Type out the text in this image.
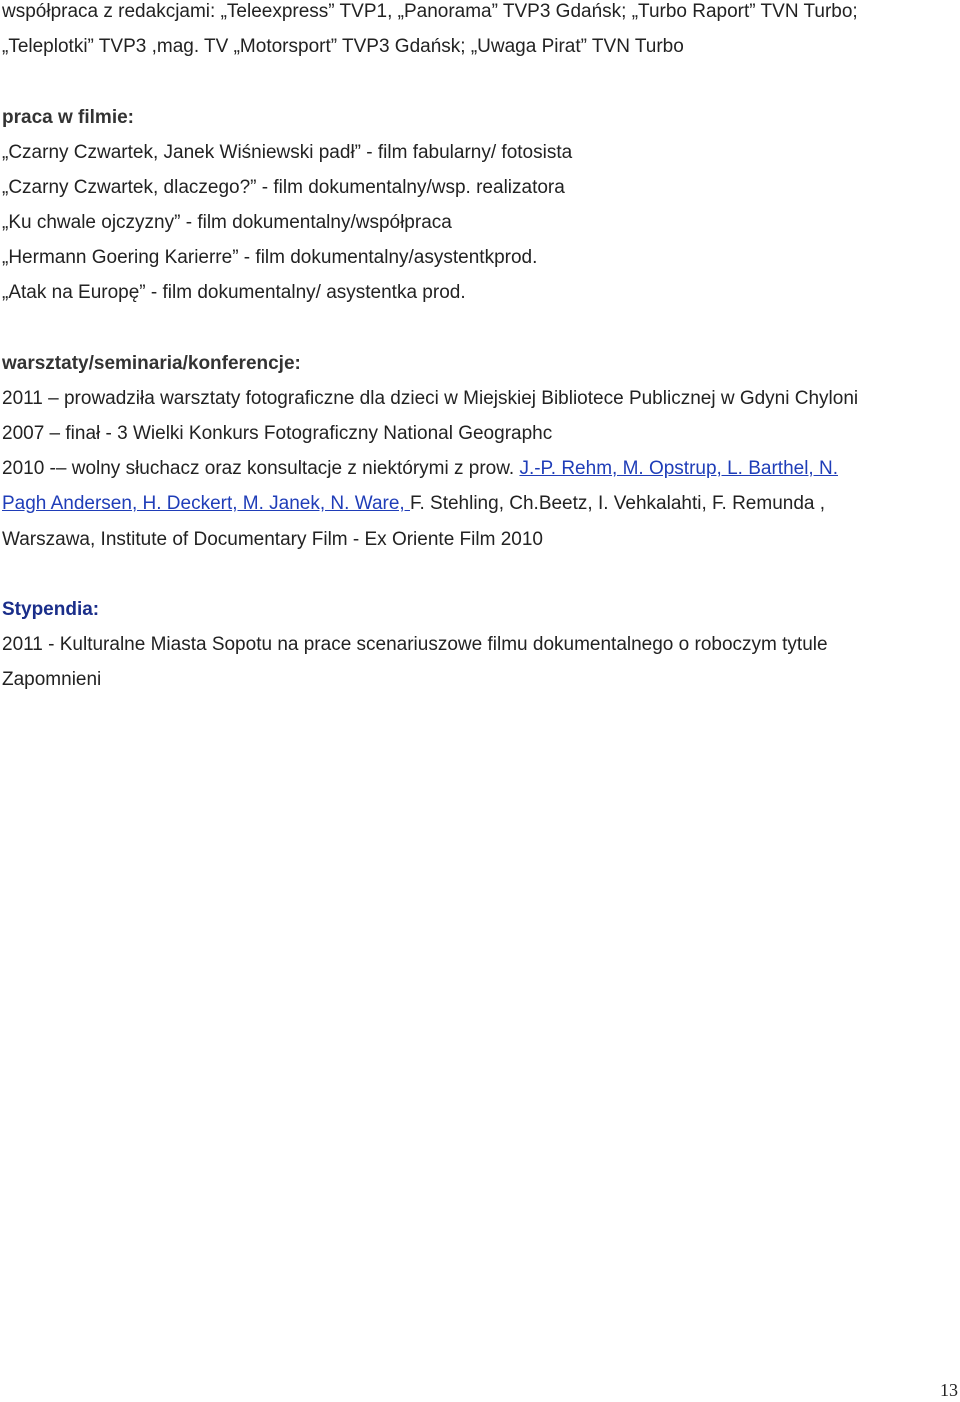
współpraca z redakcjami: „Teleexpress” TVP1, „Panorama” TVP3 Gdańsk; „Turbo Raport” TVN Turbo;
„Teleplotki” TVP3 ,mag. TV „Motorsport” TVP3 Gdańsk; „Uwaga Pirat” TVN Turbo
praca w filmie:
„Czarny Czwartek, Janek Wiśniewski padł” - film fabularny/ fotosista
„Czarny Czwartek, dlaczego?” - film dokumentalny/wsp. realizatora
„Ku chwale ojczyzny” - film dokumentalny/współpraca
„Hermann Goering Karierre” - film dokumentalny/asystentkprod.
„Atak na Europę” - film dokumentalny/ asystentka prod.
warsztaty/seminaria/konferencje:
2011 – prowadziła warsztaty fotograficzne dla dzieci w Miejskiej Bibliotece Publicznej w Gdyni Chyloni
2007 – finał - 3 Wielki Konkurs Fotograficzny National Geographc
2010 -– wolny słuchacz oraz konsultacje z niektórymi z prow. J.-P. Rehm, M. Opstrup, L. Barthel, N.
Pagh Andersen, H. Deckert, M. Janek, N. Ware, F. Stehling, Ch.Beetz, I. Vehkalahti, F. Remunda ,
Warszawa, Institute of Documentary Film - Ex Oriente Film 2010
Stypendia:
2011 - Kulturalne Miasta Sopotu na prace scenariuszowe filmu dokumentalnego o roboczym tytule
Zapomnieni
13
